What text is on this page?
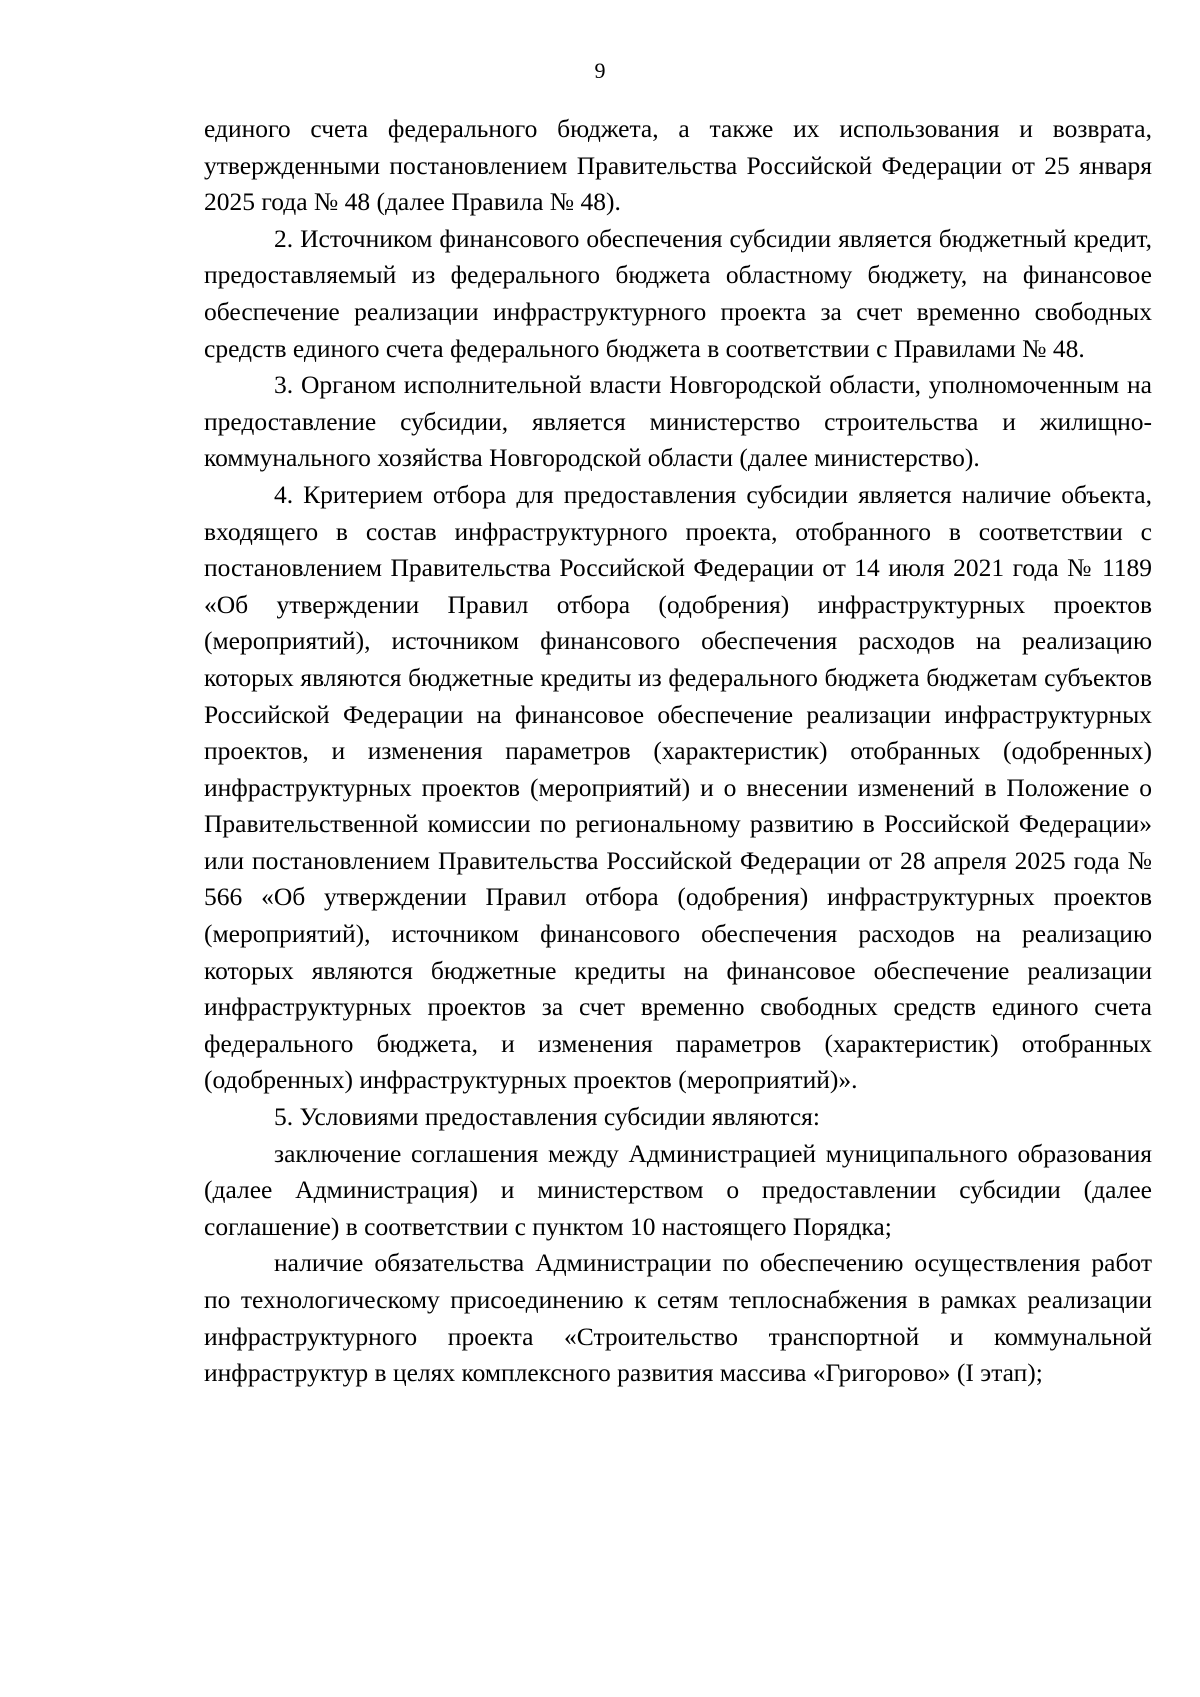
9

единого счета федерального бюджета, а также их использования и возврата, утвержденными постановлением Правительства Российской Федерации от 25 января 2025 года № 48 (далее Правила № 48).

2. Источником финансового обеспечения субсидии является бюджетный кредит, предоставляемый из федерального бюджета областному бюджету, на финансовое обеспечение реализации инфраструктурного проекта за счет временно свободных средств единого счета федерального бюджета в соответствии с Правилами № 48.

3. Органом исполнительной власти Новгородской области, уполномоченным на предоставление субсидии, является министерство строительства и жилищно-коммунального хозяйства Новгородской области (далее министерство).

4. Критерием отбора для предоставления субсидии является наличие объекта, входящего в состав инфраструктурного проекта, отобранного в соответствии с постановлением Правительства Российской Федерации от 14 июля 2021 года № 1189 «Об утверждении Правил отбора (одобрения) инфраструктурных проектов (мероприятий), источником финансового обеспечения расходов на реализацию которых являются бюджетные кредиты из федерального бюджета бюджетам субъектов Российской Федерации на финансовое обеспечение реализации инфраструктурных проектов, и изменения параметров (характеристик) отобранных (одобренных) инфраструктурных проектов (мероприятий) и о внесении изменений в Положение о Правительственной комиссии по региональному развитию в Российской Федерации» или постановлением Правительства Российской Федерации от 28 апреля 2025 года № 566 «Об утверждении Правил отбора (одобрения) инфраструктурных проектов (мероприятий), источником финансового обеспечения расходов на реализацию которых являются бюджетные кредиты на финансовое обеспечение реализации инфраструктурных проектов за счет временно свободных средств единого счета федерального бюджета, и изменения параметров (характеристик) отобранных (одобренных) инфраструктурных проектов (мероприятий)».

5. Условиями предоставления субсидии являются:

заключение соглашения между Администрацией муниципального образования (далее Администрация) и министерством о предоставлении субсидии (далее соглашение) в соответствии с пунктом 10 настоящего Порядка;

наличие обязательства Администрации по обеспечению осуществления работ по технологическому присоединению к сетям теплоснабжения в рамках реализации инфраструктурного проекта «Строительство транспортной и коммунальной инфраструктур в целях комплексного развития массива «Григорово» (I этап);
